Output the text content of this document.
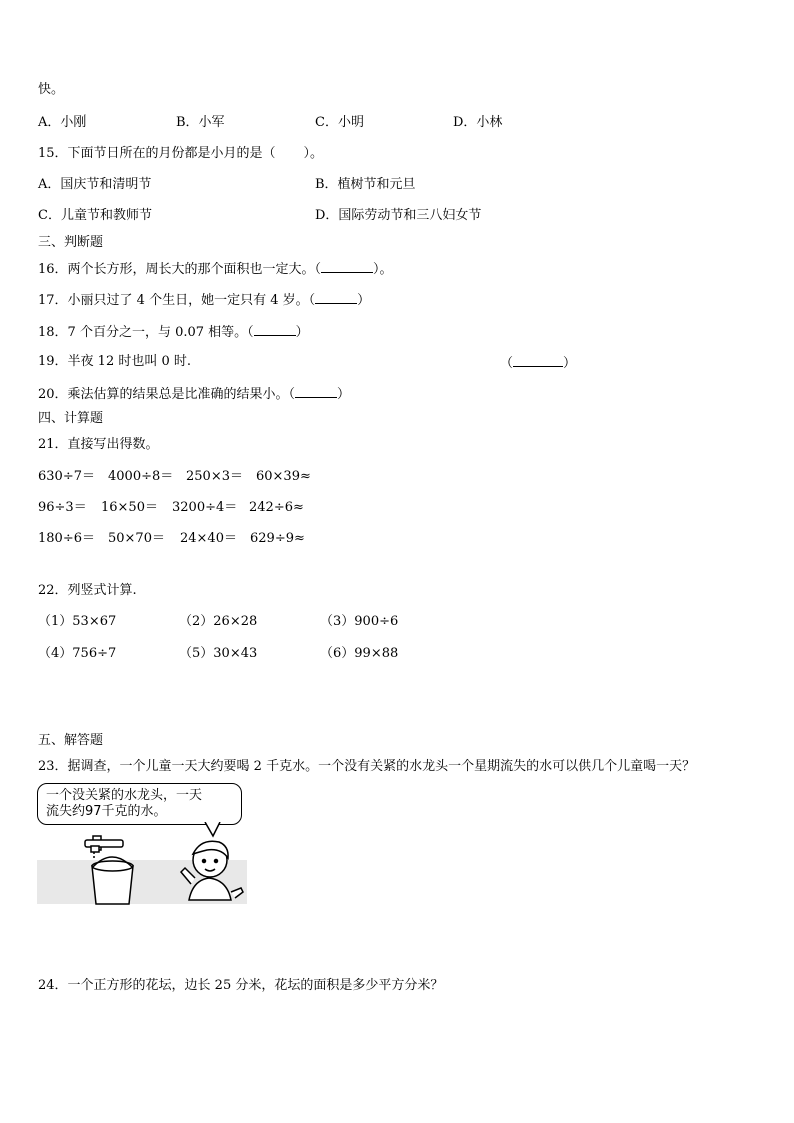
快。
A．小刚	B．小军	C．小明	D．小林
15．下面节日所在的月份都是小月的是（ ）。
A．国庆节和清明节	B．植树节和元旦
C．儿童节和教师节	D．国际劳动节和三八妇女节
三、判断题
16．两个长方形，周长大的那个面积也一定大。（	）。
17．小丽只过了 4 个生日，她一定只有 4 岁。（	）
18．7 个百分之一，与 0.07 相等。（	）
19．半夜 12 时也叫 0 时.	（	）
20．乘法估算的结果总是比准确的结果小。（	）
四、计算题
21．直接写出得数。
630÷7＝ 4000÷8＝ 250×3＝ 60×39≈
96÷3＝ 16×50＝ 3200÷4＝ 242÷6≈
180÷6＝ 50×70＝ 24×40＝ 629÷9≈
22．列竖式计算.
（1）53×67	（2）26×28	（3）900÷6
（4）756÷7	（5）30×43	（6）99×88
五、解答题
23．据调查，一个儿童一天大约要喝 2 千克水。一个没有关紧的水龙头一个星期流失的水可以供几个儿童喝一天？
一个没关紧的水龙头，一天
流失约97千克的水。
24．一个正方形的花坛，边长 25 分米，花坛的面积是多少平方分米？
